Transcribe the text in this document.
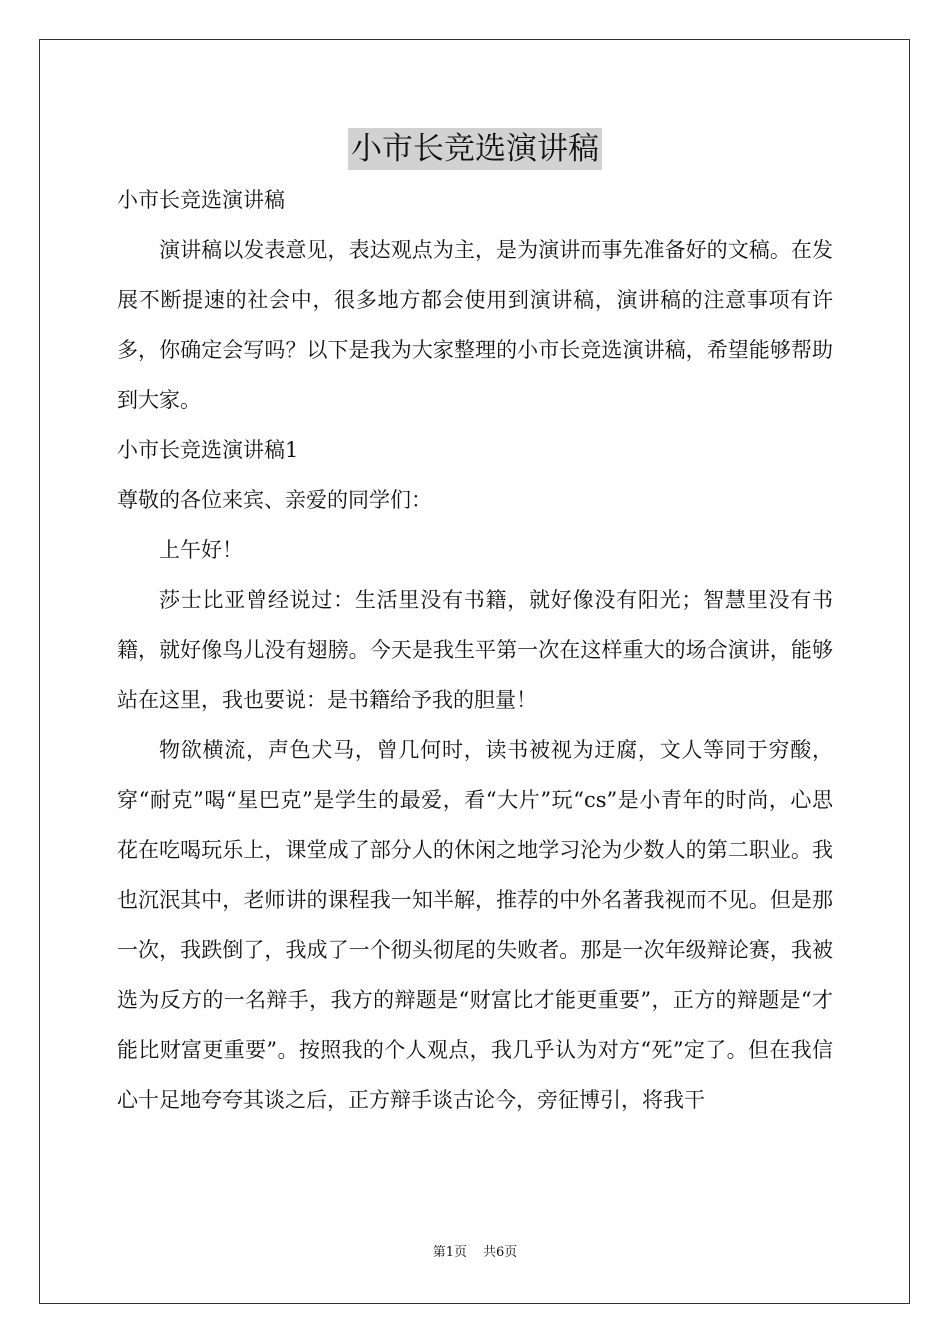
小市长竞选演讲稿

小市长竞选演讲稿

演讲稿以发表意见，表达观点为主，是为演讲而事先准备好的文稿。在发展不断提速的社会中，很多地方都会使用到演讲稿，演讲稿的注意事项有许多，你确定会写吗？以下是我为大家整理的小市长竞选演讲稿，希望能够帮助到大家。

小市长竞选演讲稿1

尊敬的各位来宾、亲爱的同学们：

上午好！

莎士比亚曾经说过：生活里没有书籍，就好像没有阳光；智慧里没有书籍，就好像鸟儿没有翅膀。今天是我生平第一次在这样重大的场合演讲，能够站在这里，我也要说：是书籍给予我的胆量！

物欲横流，声色犬马，曾几何时，读书被视为迂腐，文人等同于穷酸，穿“耐克”喝“星巴克”是学生的最爱，看“大片”玩“cs”是小青年的时尚，心思花在吃喝玩乐上，课堂成了部分人的休闲之地学习沦为少数人的第二职业。我也沉泯其中，老师讲的课程我一知半解，推荐的中外名著我视而不见。但是那一次，我跌倒了，我成了一个彻头彻尾的失败者。那是一次年级辩论赛，我被选为反方的一名辩手，我方的辩题是“财富比才能更重要”，正方的辩题是“才能比财富更重要”。按照我的个人观点，我几乎认为对方“死”定了。但在我信心十足地夸夸其谈之后，正方辩手谈古论今，旁征博引，将我干

第1页 共6页
